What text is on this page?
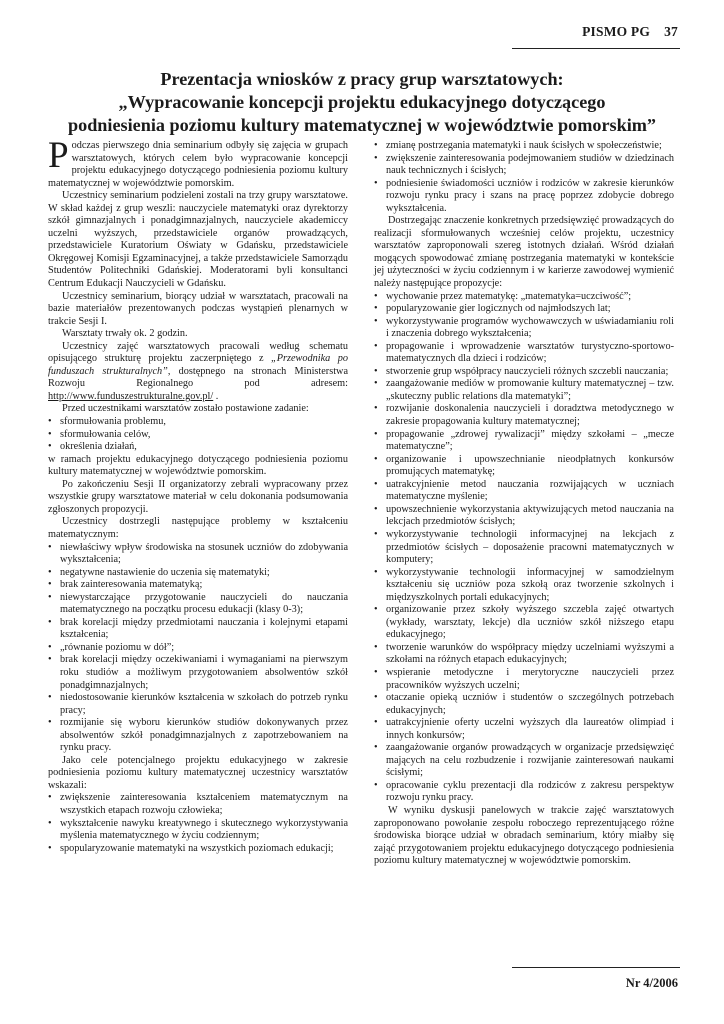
PISMO PG 37
Prezentacja wniosków z pracy grup warsztatowych:
„Wypracowanie koncepcji projektu edukacyjnego dotyczącego
podniesienia poziomu kultury matematycznej w województwie pomorskim”

Podczas pierwszego dnia seminarium odbyły się zajęcia w grupach warsztatowych, których celem było wypracowanie koncepcji projektu edukacyjnego dotyczącego podniesienia poziomu kultury matematycznej w województwie pomorskim.

Uczestnicy seminarium podzieleni zostali na trzy grupy warsztatowe. W skład każdej z grup weszli: nauczyciele matematyki oraz dyrektorzy szkół gimnazjalnych i ponadgimnazjalnych, nauczyciele akademiccy uczelni wyższych, przedstawiciele organów prowadzących, przedstawiciele Kuratorium Oświaty w Gdańsku, przedstawiciele Okręgowej Komisji Egzaminacyjnej, a także przedstawiciele Samorządu Studentów Politechniki Gdańskiej. Moderatorami byli konsultanci Centrum Edukacji Nauczycieli w Gdańsku.

Uczestnicy seminarium, biorący udział w warsztatach, pracowali na bazie materiałów prezentowanych podczas wystąpień plenarnych w trakcie Sesji I.

Warsztaty trwały ok. 2 godzin.

Uczestnicy zajęć warsztatowych pracowali według schematu opisującego strukturę projektu zaczerpniętego z „Przewodnika po funduszach strukturalnych”, dostępnego na stronach Ministerstwa Rozwoju Regionalnego pod adresem: http://www.funduszestrukturalne.gov.pl/ .

Przed uczestnikami warsztatów zostało postawione zadanie:

• sformułowania problemu,
• sformułowania celów,
• określenia działań,

w ramach projektu edukacyjnego dotyczącego podniesienia poziomu kultury matematycznej w województwie pomorskim.

Po zakończeniu Sesji II organizatorzy zebrali wypracowany przez wszystkie grupy warsztatowe materiał w celu dokonania podsumowania zgłoszonych propozycji.

Uczestnicy dostrzegli następujące problemy w kształceniu matematycznym:

• niewłaściwy wpływ środowiska na stosunek uczniów do zdobywania wykształcenia;
• negatywne nastawienie do uczenia się matematyki;
• brak zainteresowania matematyką;
• niewystarczające przygotowanie nauczycieli do nauczania matematycznego na początku procesu edukacji (klasy 0-3);
• brak korelacji między przedmiotami nauczania i kolejnymi etapami kształcenia;
• „równanie poziomu w dół”;
• brak korelacji między oczekiwaniami i wymaganiami na pierwszym roku studiów a możliwym przygotowaniem absolwentów szkół ponadgimnazjalnych;
• niedostosowanie kierunków kształcenia w szkołach do potrzeb rynku pracy;
• rozmijanie się wyboru kierunków studiów dokonywanych przez absolwentów szkół ponadgimnazjalnych z zapotrzebowaniem na rynku pracy.

Jako cele potencjalnego projektu edukacyjnego w zakresie podniesienia poziomu kultury matematycznej uczestnicy warsztatów wskazali:

• zwiększenie zainteresowania kształceniem matematycznym na wszystkich etapach rozwoju człowieka;
• wykształcenie nawyku kreatywnego i skutecznego wykorzystywania myślenia matematycznego w życiu codziennym;
• spopularyzowanie matematyki na wszystkich poziomach edukacji;
• zmianę postrzegania matematyki i nauk ścisłych w społeczeństwie;
• zwiększenie zainteresowania podejmowaniem studiów w dziedzinach nauk technicznych i ścisłych;
• podniesienie świadomości uczniów i rodziców w zakresie kierunków rozwoju rynku pracy i szans na pracę poprzez zdobycie dobrego wykształcenia.

Dostrzegając znaczenie konkretnych przedsięwzięć prowadzących do realizacji sformułowanych wcześniej celów projektu, uczestnicy warsztatów zaproponowali szereg istotnych działań. Wśród działań mogących spowodować zmianę postrzegania matematyki w kontekście jej użyteczności w życiu codziennym i w karierze zawodowej wymienić należy następujące propozycje:

• wychowanie przez matematykę: „matematyka=uczciwość”;
• popularyzowanie gier logicznych od najmłodszych lat;
• wykorzystywanie programów wychowawczych w uświadamianiu roli i znaczenia dobrego wykształcenia;
• propagowanie i wprowadzenie warsztatów turystyczno-sportowo-matematycznych dla dzieci i rodziców;
• stworzenie grup współpracy nauczycieli różnych szczebli nauczania;
• zaangażowanie mediów w promowanie kultury matematycznej – tzw. „skuteczny public relations dla matematyki”;
• rozwijanie doskonalenia nauczycieli i doradztwa metodycznego w zakresie propagowania kultury matematycznej;
• propagowanie „zdrowej rywalizacji” między szkołami – „mecze matematyczne”;
• organizowanie i upowszechnianie nieodpłatnych konkursów promujących matematykę;
• uatrakcyjnienie metod nauczania rozwijających w uczniach matematyczne myślenie;
• upowszechnienie wykorzystania aktywizujących metod nauczania na lekcjach przedmiotów ścisłych;
• wykorzystywanie technologii informacyjnej na lekcjach z przedmiotów ścisłych – doposażenie pracowni matematycznych w komputery;
• wykorzystywanie technologii informacyjnej w samodzielnym kształceniu się uczniów poza szkołą oraz tworzenie szkolnych i międzyszkolnych portali edukacyjnych;
• organizowanie przez szkoły wyższego szczebla zajęć otwartych (wykłady, warsztaty, lekcje) dla uczniów szkół niższego etapu edukacyjnego;
• tworzenie warunków do współpracy między uczelniami wyższymi a szkołami na różnych etapach edukacyjnych;
• wspieranie metodyczne i merytoryczne nauczycieli przez pracowników wyższych uczelni;
• otaczanie opieką uczniów i studentów o szczególnych potrzebach edukacyjnych;
• uatrakcyjnienie oferty uczelni wyższych dla laureatów olimpiad i innych konkursów;
• zaangażowanie organów prowadzących w organizacje przedsięwzięć mających na celu rozbudzenie i rozwijanie zainteresowań naukami ścisłymi;
• opracowanie cyklu prezentacji dla rodziców z zakresu perspektyw rozwoju rynku pracy.

W wyniku dyskusji panelowych w trakcie zajęć warsztatowych zaproponowano powołanie zespołu roboczego reprezentującego różne środowiska biorące udział w obradach seminarium, który miałby się zająć przygotowaniem projektu edukacyjnego dotyczącego podniesienia poziomu kultury matematycznej w województwie pomorskim.

Nr 4/2006
